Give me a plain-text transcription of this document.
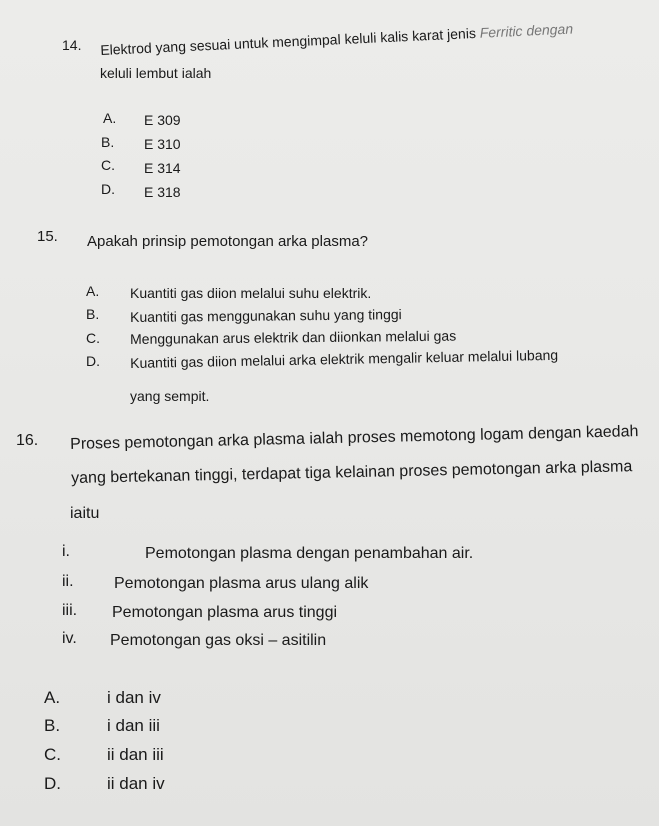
14. Elektrod yang sesuai untuk mengimpal keluli kalis karat jenis Ferritic dengan
keluli lembut ialah
A. E 309
B. E 310
C. E 314
D. E 318
15. Apakah prinsip pemotongan arka plasma?
A. Kuantiti gas diion melalui suhu elektrik.
B. Kuantiti gas menggunakan suhu yang tinggi
C. Menggunakan arus elektrik dan diionkan melalui gas
D. Kuantiti gas diion melalui arka elektrik mengalir keluar melalui lubang
yang sempit.
16. Proses pemotongan arka plasma ialah proses memotong logam dengan kaedah
yang bertekanan tinggi, terdapat tiga kelainan proses pemotongan arka plasma
iaitu
i.	Pemotongan plasma dengan penambahan air.
ii.	Pemotongan plasma arus ulang alik
iii. Pemotongan plasma arus tinggi
iv. Pemotongan gas oksi – asitilin
A.	i dan iv
B.	i dan iii
C.	ii dan iii
D.	ii dan iv
